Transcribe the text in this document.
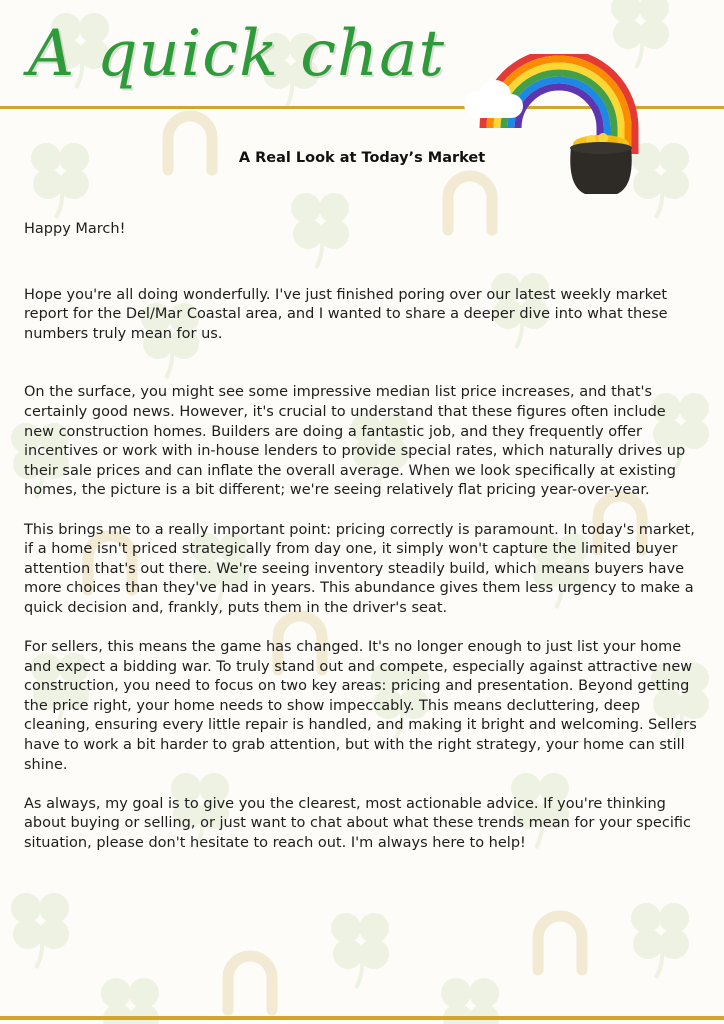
A quick chat
A Real Look at Today’s Market

Happy March!

Hope you're all doing wonderfully. I've just finished poring over our latest weekly market report for the Del/Mar Coastal area, and I wanted to share a deeper dive into what these numbers truly mean for us.

On the surface, you might see some impressive median list price increases, and that's certainly good news. However, it's crucial to understand that these figures often include new construction homes. Builders are doing a fantastic job, and they frequently offer incentives or work with in-house lenders to provide special rates, which naturally drives up their sale prices and can inflate the overall average. When we look specifically at existing homes, the picture is a bit different; we're seeing relatively flat pricing year-over-year.

This brings me to a really important point: pricing correctly is paramount. In today's market, if a home isn't priced strategically from day one, it simply won't capture the limited buyer attention that's out there. We're seeing inventory steadily build, which means buyers have more choices than they've had in years. This abundance gives them less urgency to make a quick decision and, frankly, puts them in the driver's seat.

For sellers, this means the game has changed. It's no longer enough to just list your home and expect a bidding war. To truly stand out and compete, especially against attractive new construction, you need to focus on two key areas: pricing and presentation. Beyond getting the price right, your home needs to show impeccably. This means decluttering, deep cleaning, ensuring every little repair is handled, and making it bright and welcoming. Sellers have to work a bit harder to grab attention, but with the right strategy, your home can still shine.

As always, my goal is to give you the clearest, most actionable advice. If you're thinking about buying or selling, or just want to chat about what these trends mean for your specific situation, please don't hesitate to reach out. I'm always here to help!
